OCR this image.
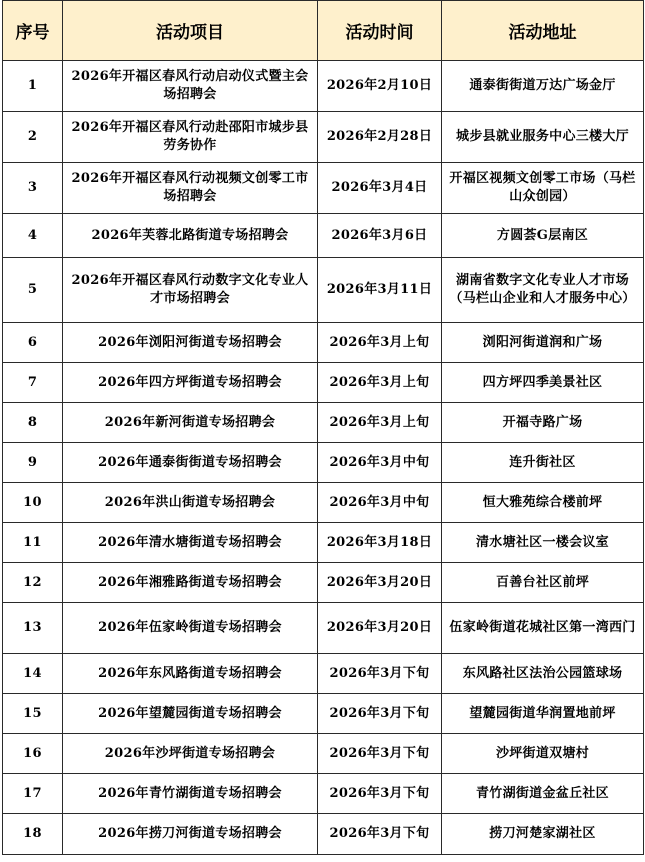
序号	活动项目	活动时间	活动地址
1	2026年开福区春风行动启动仪式暨主会场招聘会	2026年2月10日	通泰街街道万达广场金厅
2	2026年开福区春风行动赴邵阳市城步县劳务协作	2026年2月28日	城步县就业服务中心三楼大厅
3	2026年开福区春风行动视频文创零工市场招聘会	2026年3月4日	开福区视频文创零工市场（马栏山众创园）
4	2026年芙蓉北路街道专场招聘会	2026年3月6日	方圆荟G层南区
5	2026年开福区春风行动数字文化专业人才市场招聘会	2026年3月11日	湖南省数字文化专业人才市场（马栏山企业和人才服务中心）
6	2026年浏阳河街道专场招聘会	2026年3月上旬	浏阳河街道润和广场
7	2026年四方坪街道专场招聘会	2026年3月上旬	四方坪四季美景社区
8	2026年新河街道专场招聘会	2026年3月上旬	开福寺路广场
9	2026年通泰街街道专场招聘会	2026年3月中旬	连升街社区
10	2026年洪山街道专场招聘会	2026年3月中旬	恒大雅苑综合楼前坪
11	2026年清水塘街道专场招聘会	2026年3月18日	清水塘社区一楼会议室
12	2026年湘雅路街道专场招聘会	2026年3月20日	百善台社区前坪
13	2026年伍家岭街道专场招聘会	2026年3月20日	伍家岭街道花城社区第一湾西门
14	2026年东风路街道专场招聘会	2026年3月下旬	东风路社区法治公园篮球场
15	2026年望麓园街道专场招聘会	2026年3月下旬	望麓园街道华润置地前坪
16	2026年沙坪街道专场招聘会	2026年3月下旬	沙坪街道双塘村
17	2026年青竹湖街道专场招聘会	2026年3月下旬	青竹湖街道金盆丘社区
18	2026年捞刀河街道专场招聘会	2026年3月下旬	捞刀河楚家湖社区
